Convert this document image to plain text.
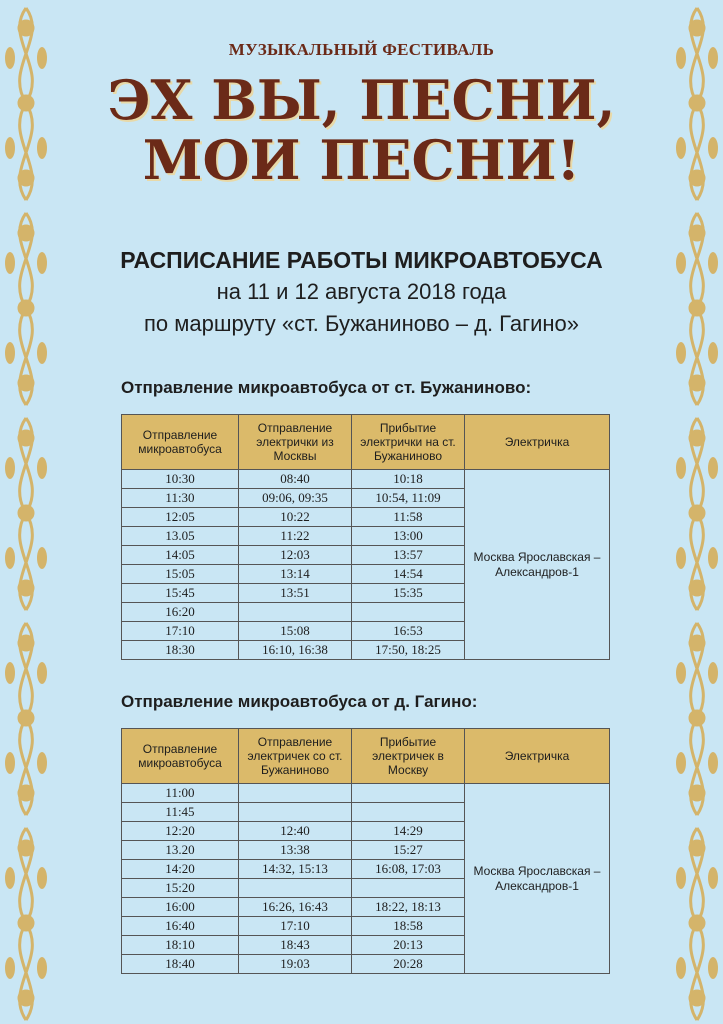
МУЗЫКАЛЬНЫЙ ФЕСТИВАЛЬ
ЭХ ВЫ, ПЕСНИ,
МОИ ПЕСНИ!
РАСПИСАНИЕ РАБОТЫ МИКРОАВТОБУСА
на 11 и 12 августа 2018 года
по маршруту «ст. Бужаниново – д. Гагино»
Отправление микроавтобуса от ст. Бужаниново:
Отправление микроавтобуса	Отправление электрички из Москвы	Прибытие электрички на ст. Бужаниново	Электричка
10:30	08:40	10:18	Москва Ярославская – Александров-1
11:30	09:06, 09:35	10:54, 11:09	
12:05	10:22	11:58	
13.05	11:22	13:00	
14:05	12:03	13:57	
15:05	13:14	14:54	
15:45	13:51	15:35	
16:20			
17:10	15:08	16:53	
18:30	16:10, 16:38	17:50, 18:25	
Отправление микроавтобуса от д. Гагино:
Отправление микроавтобуса	Отправление электричек со ст. Бужаниново	Прибытие электричек в Москву	Электричка
11:00			Москва Ярославская – Александров-1
11:45			
12:20	12:40	14:29	
13.20	13:38	15:27	
14:20	14:32, 15:13	16:08, 17:03	
15:20			
16:00	16:26, 16:43	18:22, 18:13	
16:40	17:10	18:58	
18:10	18:43	20:13	
18:40	19:03	20:28	
